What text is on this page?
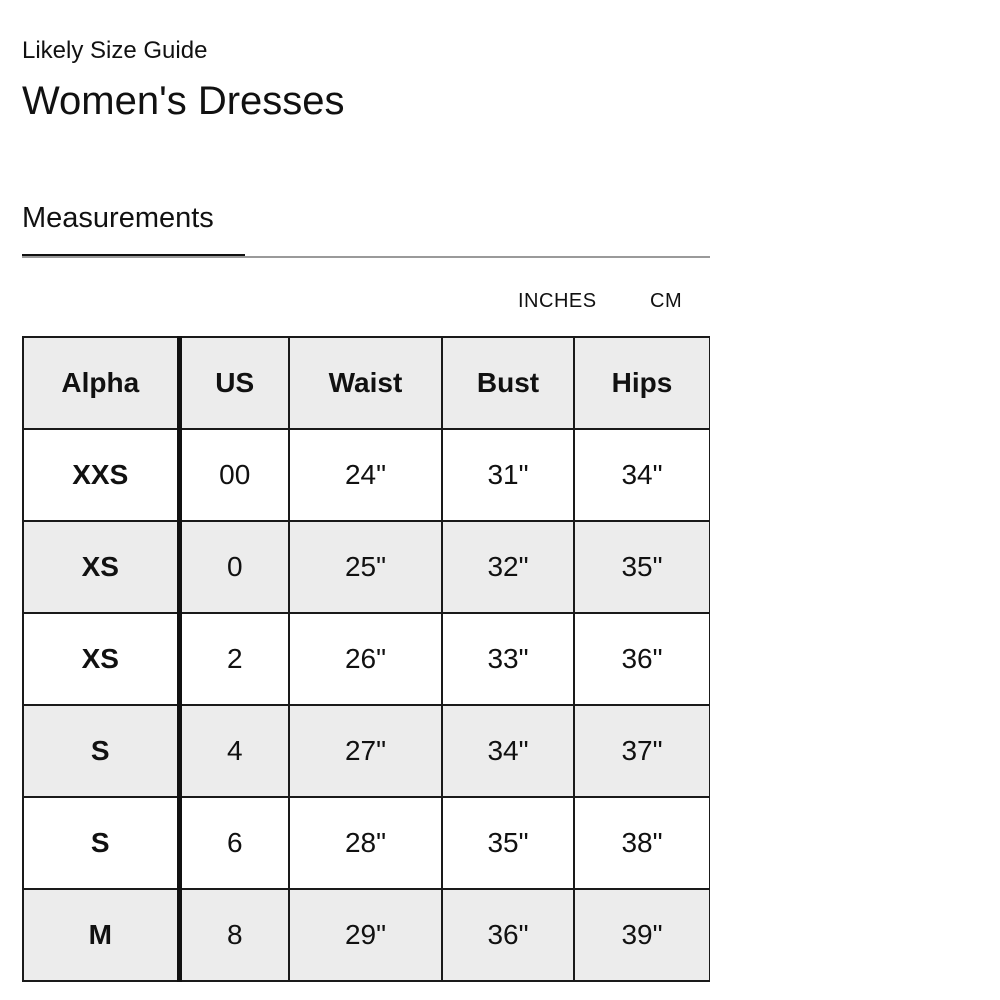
Likely Size Guide
Women's Dresses
Measurements
INCHES	CM
Alpha	US	Waist	Bust	Hips
XXS	00	24"	31"	34"
XS	0	25"	32"	35"
XS	2	26"	33"	36"
S	4	27"	34"	37"
S	6	28"	35"	38"
M	8	29"	36"	39"
